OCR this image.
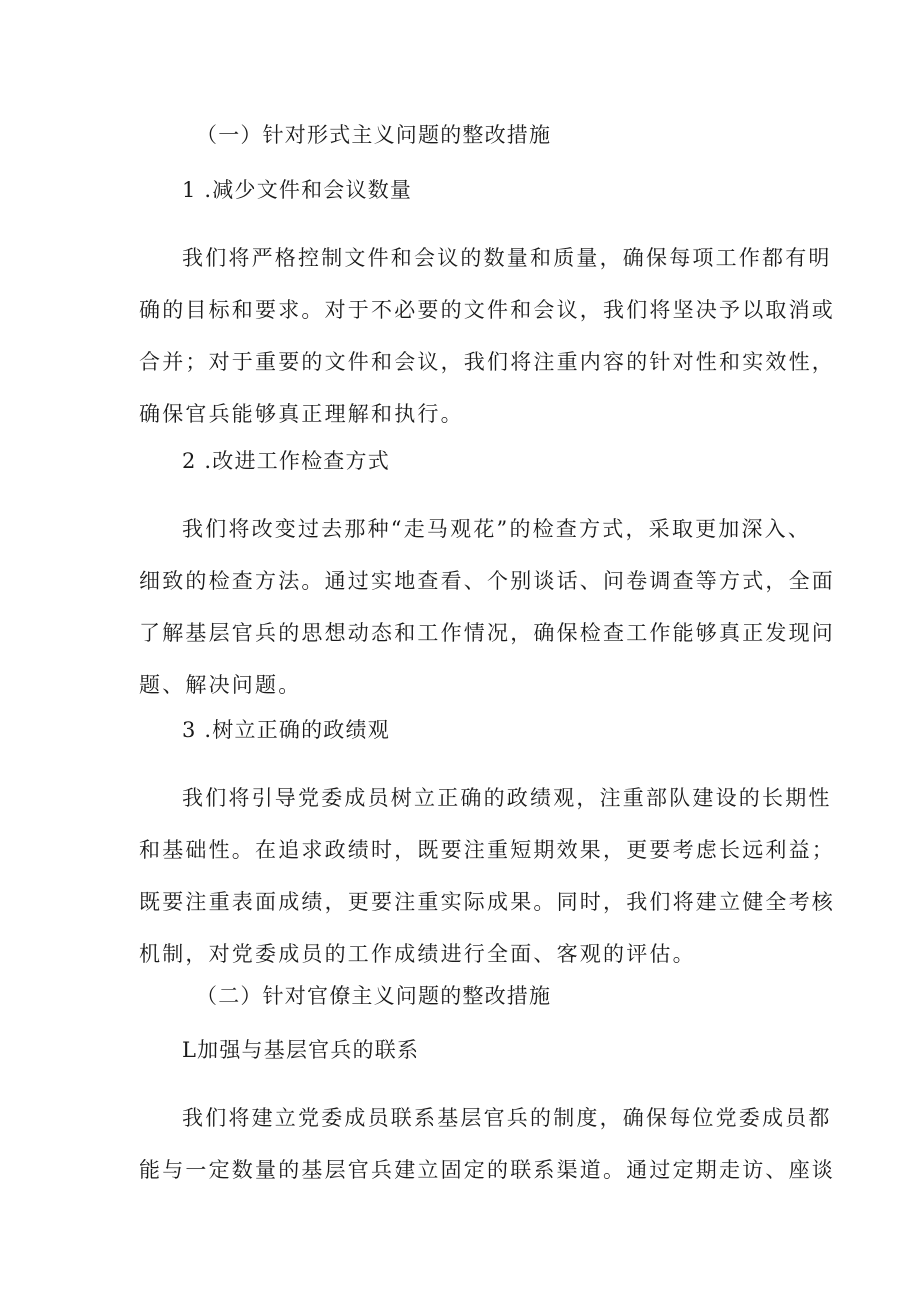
（一）针对形式主义问题的整改措施

1 .减少文件和会议数量

我们将严格控制文件和会议的数量和质量，确保每项工作都有明
确的目标和要求。对于不必要的文件和会议，我们将坚决予以取消或
合并；对于重要的文件和会议，我们将注重内容的针对性和实效性，
确保官兵能够真正理解和执行。

2 .改进工作检查方式

我们将改变过去那种“走马观花”的检查方式，采取更加深入、
细致的检查方法。通过实地查看、个别谈话、问卷调查等方式，全面
了解基层官兵的思想动态和工作情况，确保检查工作能够真正发现问
题、解决问题。

3 .树立正确的政绩观

我们将引导党委成员树立正确的政绩观，注重部队建设的长期性
和基础性。在追求政绩时，既要注重短期效果，更要考虑长远利益；
既要注重表面成绩，更要注重实际成果。同时，我们将建立健全考核
机制，对党委成员的工作成绩进行全面、客观的评估。

（二）针对官僚主义问题的整改措施

L加强与基层官兵的联系

我们将建立党委成员联系基层官兵的制度，确保每位党委成员都
能与一定数量的基层官兵建立固定的联系渠道。通过定期走访、座谈
